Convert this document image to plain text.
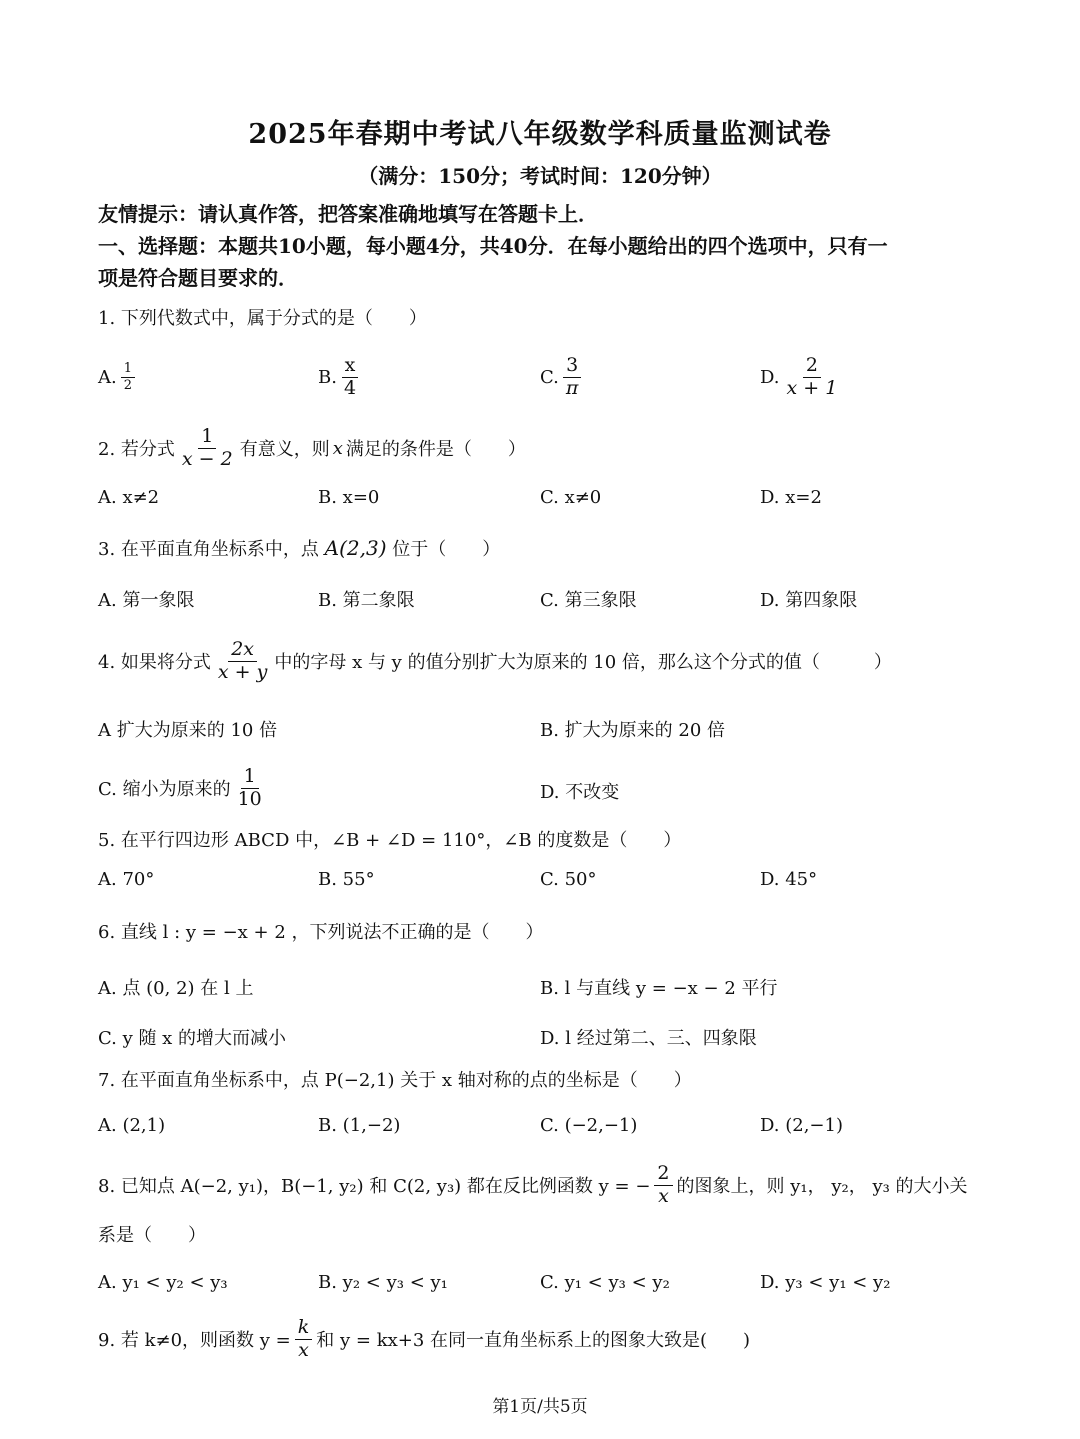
2025年春期中考试八年级数学科质量监测试卷
（满分：150分；考试时间：120分钟）
友情提示：请认真作答，把答案准确地填写在答题卡上．
一、选择题：本题共10小题，每小题4分，共40分．在每小题给出的四个选项中，只有一
项是符合题目要求的．
1. 下列代数式中，属于分式的是（　　）
A. $\frac{1}{2}$	B. $\frac{x}{4}$	C. $\frac{3}{\pi}$	D. $\frac{2}{x + 1}$
2. 若分式 $\frac{1}{x - 2}$ 有意义，则 x 满足的条件是（　　）
A. x≠2	B. x=0	C. x≠0	D. x=2
3. 在平面直角坐标系中，点 A(2,3) 位于（　　）
A. 第一象限	B. 第二象限	C. 第三象限	D. 第四象限
4. 如果将分式 $\frac{2x}{x + y}$ 中的字母 x 与 y 的值分别扩大为原来的 10 倍，那么这个分式的值（　　　）
A 扩大为原来的 10 倍	B. 扩大为原来的 20 倍
C. 缩小为原来的 $\frac{1}{10}$	D. 不改变
5. 在平行四边形 ABCD 中，∠B + ∠D = 110°，∠B 的度数是（　　）
A. 70°	B. 55°	C. 50°	D. 45°
6. 直线 l : y = −x + 2 ，下列说法不正确的是（　　）
A. 点 (0, 2) 在 l 上	B. l 与直线 y = −x − 2 平行
C. y 随 x 的增大而减小	D. l 经过第二、三、四象限
7. 在平面直角坐标系中，点 P(−2,1) 关于 x 轴对称的点的坐标是（　　）
A. (2,1)	B. (1,−2)	C. (−2,−1)	D. (2,−1)
8. 已知点 A(−2, y₁)，B(−1, y₂) 和 C(2, y₃) 都在反比例函数 y = − $\frac{2}{x}$ 的图象上，则 y₁， y₂， y₃ 的大小关
系是（　　）
A. y₁ < y₂ < y₃	B. y₂ < y₃ < y₁	C. y₁ < y₃ < y₂	D. y₃ < y₁ < y₂
9. 若 k≠0，则函数 $y = \frac{k}{x}$ 和 y = kx+3 在同一直角坐标系上的图象大致是(　　)
第1页/共5页
